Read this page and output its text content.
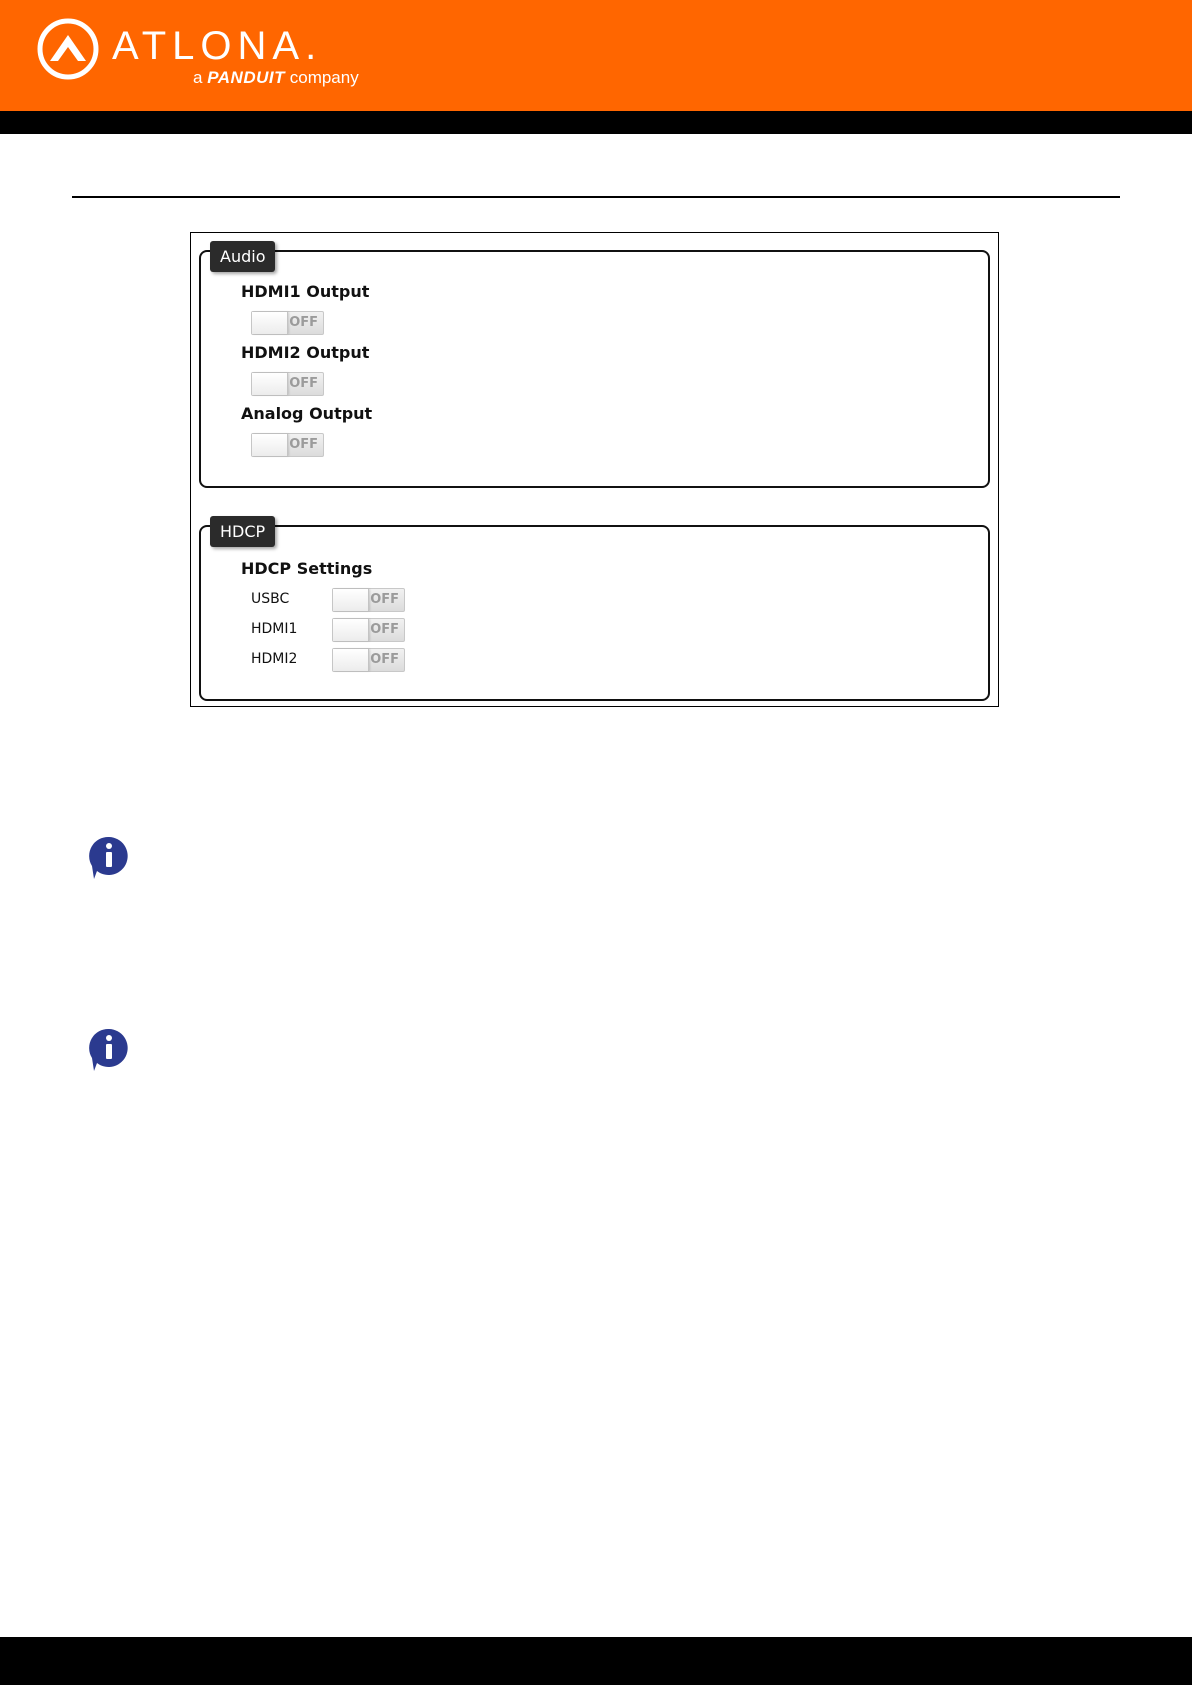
ATLONA.
a PANDUIT company
Audio
HDMI1 Output
OFF
HDMI2 Output
OFF
Analog Output
OFF
HDCP
HDCP Settings
USBC	OFF
HDMI1	OFF
HDMI2	OFF
